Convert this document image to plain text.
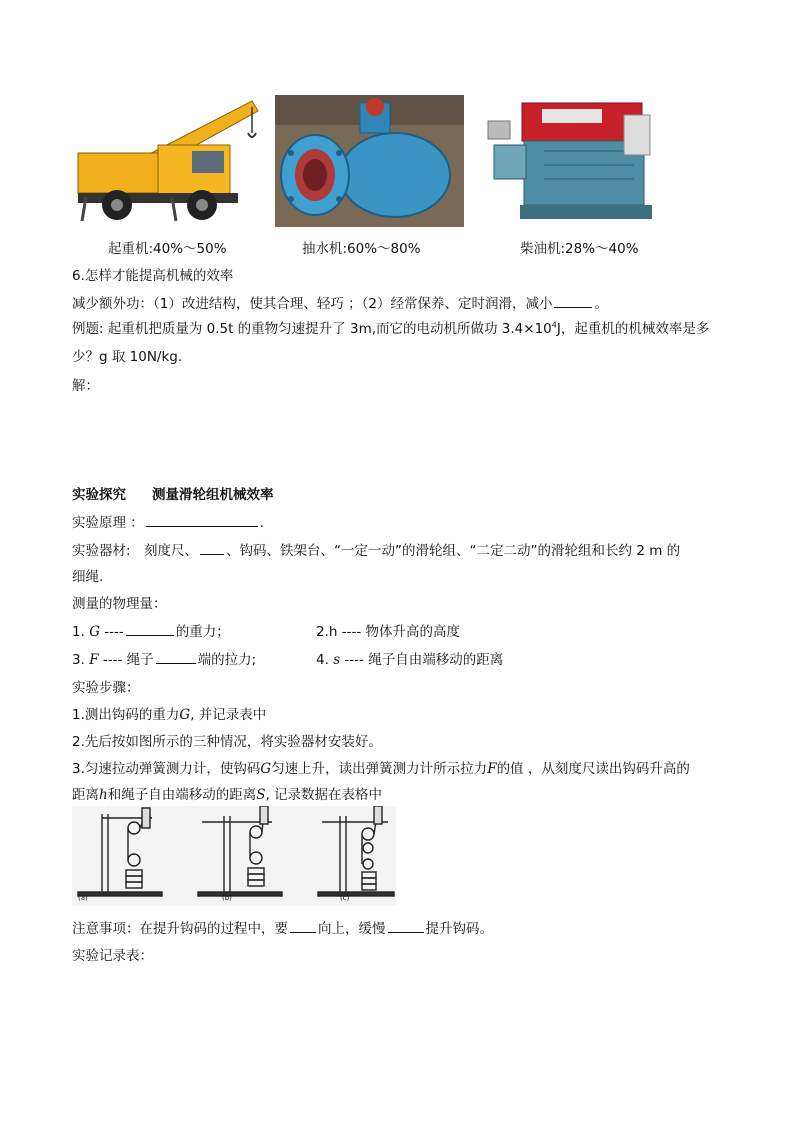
起重机:40%～50%	抽水机:60%～80%	柴油机:28%～40%
6.怎样才能提高机械的效率
减少额外功：（1）改进结构，使其合理、轻巧 ；（2）经常保养、定时润滑，减小	。
例题: 起重机把质量为 0.5t 的重物匀速提升了 3m,而它的电动机所做功 $3.4\times 10^4J$，起重机的机械效率是多
少？g 取 10N/kg.
解：
实验探究 测量滑轮组机械效率
实验原理 ：	.
实验器材:　刻度尺、 、钩码、铁架台、“一定一动”的滑轮组、“二定二动”的滑轮组和长约 2 m 的
细绳.
测量的物理量：
1. G ----	的重力；	2.h ---- 物体升高的高度
3. F ---- 绳子	端的拉力;	4. s ---- 绳子自由端移动的距离
实验步骤：
1.测出钩码的重力G, 并记录表中
2.先后按如图所示的三种情况，将实验器材安装好。
3.匀速拉动弹簧测力计，使钩码G匀速上升，读出弹簧测力计所示拉力F的值 ，从刻度尺读出钩码升高的
距离h和绳子自由端移动的距离S, 记录数据在表格中
(a)	(b)	(c)
注意事项：在提升钩码的过程中，要 向上，缓慢	提升钩码。
实验记录表：
